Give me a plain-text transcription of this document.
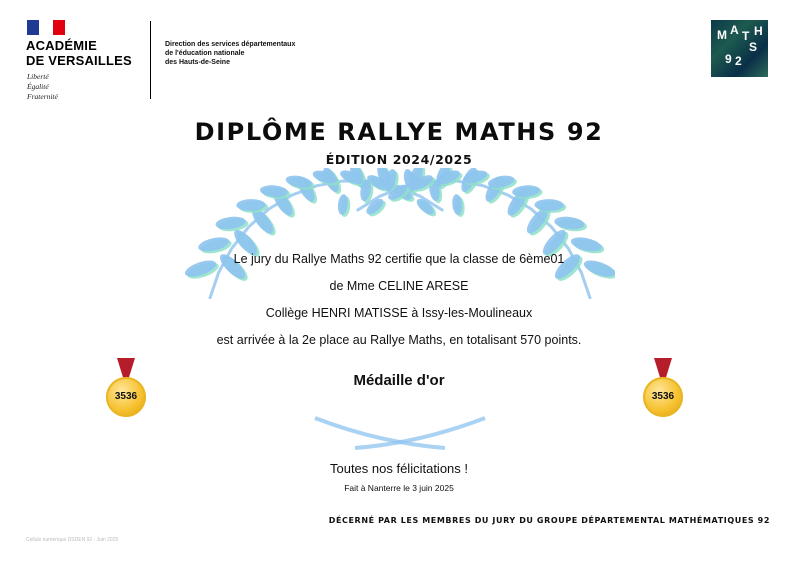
ACADÉMIE
DE VERSAILLES
Liberté
Égalité
Fraternité
Direction des services départementaux
de l'éducation nationale
des Hauts-de-Seine
M A T H
S
9 2
DIPLÔME RALLYE MATHS 92
ÉDITION 2024/2025
Le jury du Rallye Maths 92 certifie que la classe de 6ème01
de Mme CELINE ARESE
Collège HENRI MATISSE à Issy-les-Moulineaux
est arrivée à la 2e place au Rallye Maths, en totalisant 570 points.
Médaille d'or
3536	3536
Toutes nos félicitations !
Fait à Nanterre le 3 juin 2025
DÉCERNÉ PAR LES MEMBRES DU JURY DU GROUPE DÉPARTEMENTAL MATHÉMATIQUES 92
Cellule numérique DSDEN 92 - Juin 2025
